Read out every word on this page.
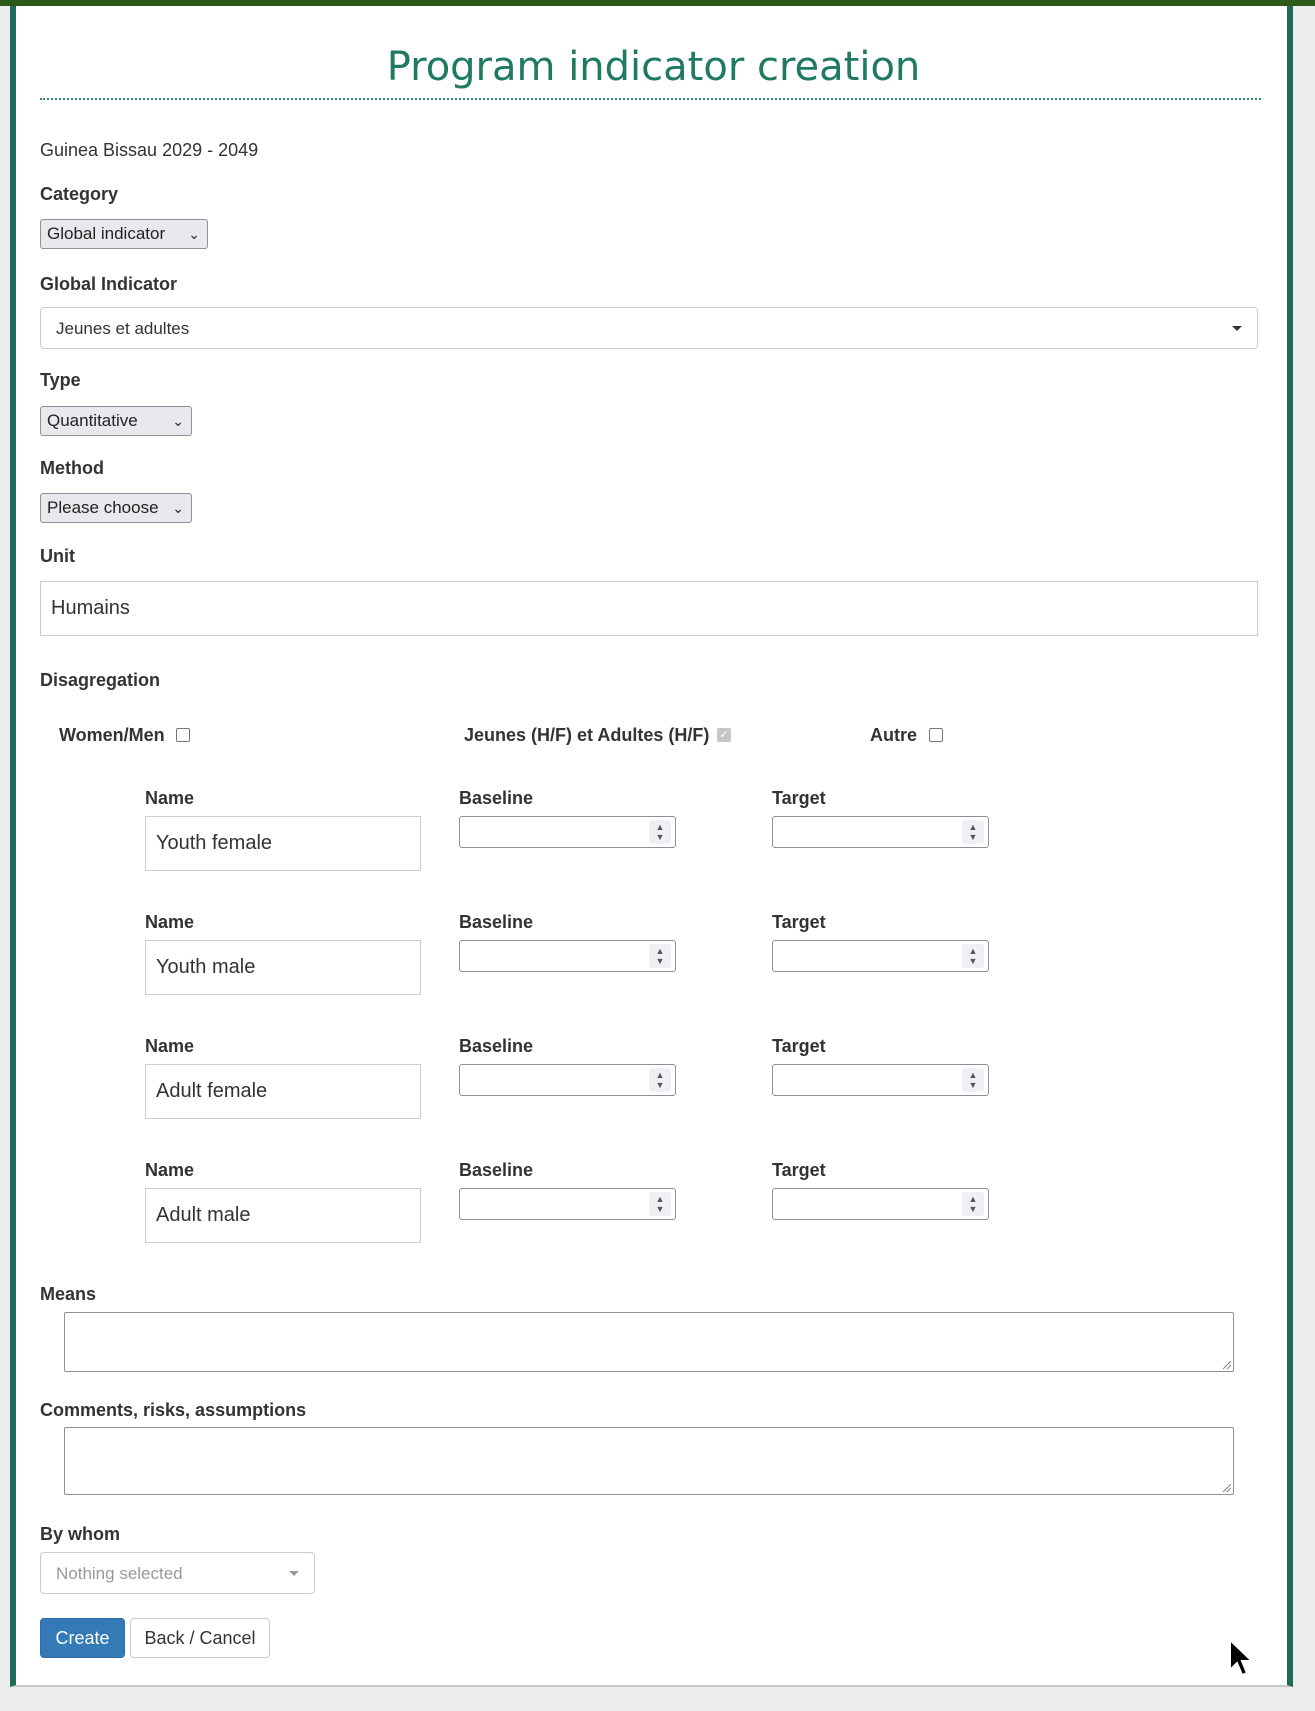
Program indicator creation
Guinea Bissau 2029 - 2049
Category
Global indicator ⌄
Global Indicator
Jeunes et adultes
Type
Quantitative ⌄
Method
Please choose ⌄
Unit
Humains
Disagregation
Women/Men	Jeunes (H/F) et Adultes (H/F) ✓	Autre
Name	Baseline	Target
Youth female
▲
▼
▲
▼
Name	Baseline	Target
Youth male
▲
▼
▲
▼
Name	Baseline	Target
Adult female
▲
▼
▲
▼
Name	Baseline	Target
Adult male
▲
▼
▲
▼
Means
Comments, risks, assumptions
By whom
Nothing selected
Create	Back / Cancel
